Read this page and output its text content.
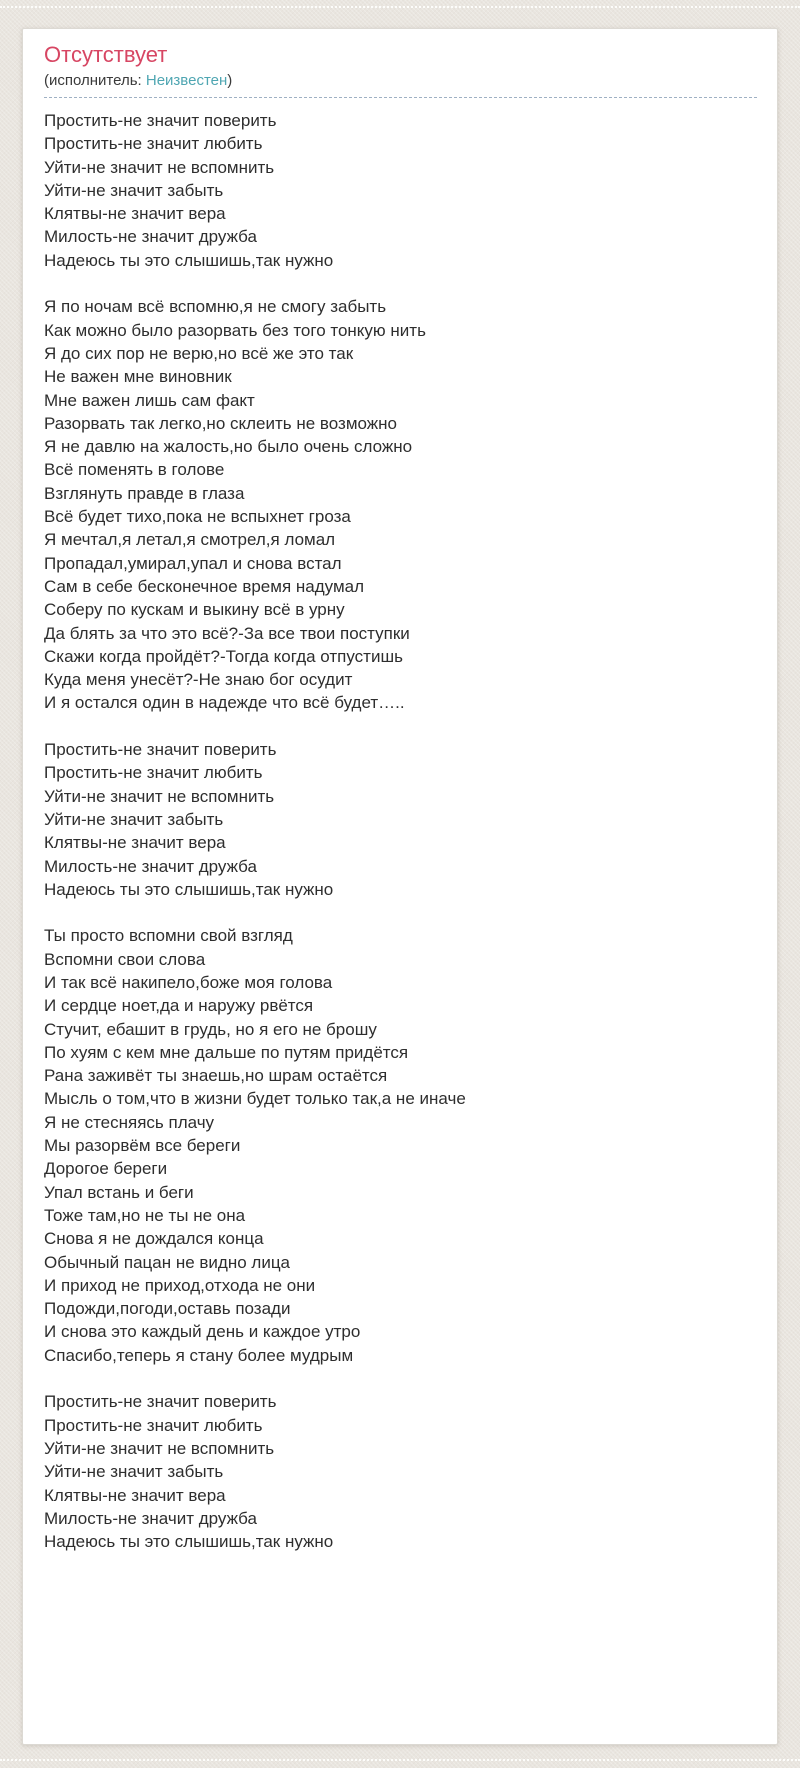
Отсутствует
(исполнитель: Неизвестен)
Простить-не значит поверить
Простить-не значит любить
Уйти-не значит не вспомнить
Уйти-не значит забыть
Клятвы-не значит вера
Милость-не значит дружба
Надеюсь ты это слышишь,так нужно
Я по ночам всё вспомню,я не смогу забыть
Как можно было разорвать без того тонкую нить
Я до сих пор не верю,но всё же это так
Не важен мне виновник
Мне важен лишь сам факт
Разорвать так легко,но склеить не возможно
Я не давлю на жалость,но было очень сложно
Всё поменять в голове
Взглянуть правде в глаза
Всё будет тихо,пока не вспыхнет гроза
Я мечтал,я летал,я смотрел,я ломал
Пропадал,умирал,упал и снова встал
Сам в себе бесконечное время надумал
Соберу по кускам и выкину всё в урну
Да блять за что это всё?-За все твои поступки
Скажи когда пройдёт?-Тогда когда отпустишь
Куда меня унесёт?-Не знаю бог осудит
И я остался один в надежде что всё будет…..
Простить-не значит поверить
Простить-не значит любить
Уйти-не значит не вспомнить
Уйти-не значит забыть
Клятвы-не значит вера
Милость-не значит дружба
Надеюсь ты это слышишь,так нужно
Ты просто вспомни свой взгляд
Вспомни свои слова
И так всё накипело,боже моя голова
И сердце ноет,да и наружу рвётся
Стучит, ебашит в грудь, но я его не брошу
По хуям с кем мне дальше по путям придётся
Рана заживёт ты знаешь,но шрам остаётся
Мысль о том,что в жизни будет только так,а не иначе
Я не стесняясь плачу
Мы разорвём все береги
Дорогое береги
Упал встань и беги
Тоже там,но не ты не она
Снова я не дождался конца
Обычный пацан не видно лица
И приход не приход,отхода не они
Подожди,погоди,оставь позади
И снова это каждый день и каждое утро
Спасибо,теперь я стану более мудрым
Простить-не значит поверить
Простить-не значит любить
Уйти-не значит не вспомнить
Уйти-не значит забыть
Клятвы-не значит вера
Милость-не значит дружба
Надеюсь ты это слышишь,так нужно
